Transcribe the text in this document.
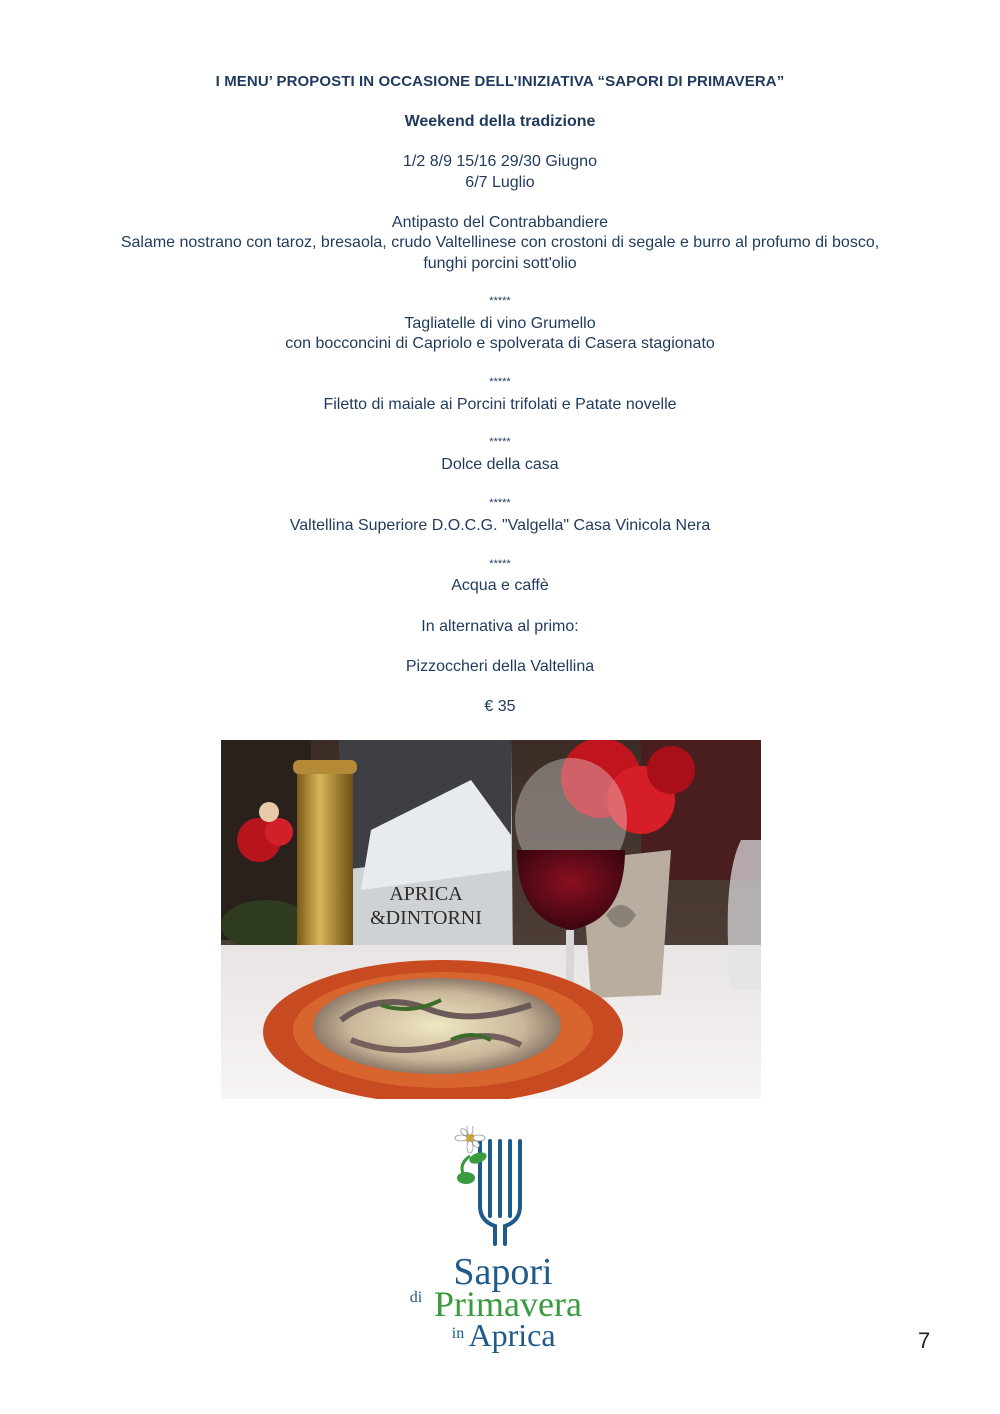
I MENU’ PROPOSTI IN OCCASIONE DELL’INIZIATIVA “SAPORI DI PRIMAVERA”
Weekend della tradizione
1/2 8/9 15/16 29/30 Giugno
6/7 Luglio
Antipasto del Contrabbandiere
Salame nostrano con taroz, bresaola, crudo Valtellinese con crostoni di segale e burro al profumo di bosco,
funghi porcini sott'olio
*****
Tagliatelle di vino Grumello
con bocconcini di Capriolo e spolverata di Casera stagionato
*****
Filetto di maiale ai Porcini trifolati e Patate novelle
*****
Dolce della casa
*****
Valtellina Superiore D.O.C.G. "Valgella" Casa Vinicola Nera
*****
Acqua e caffè
In alternativa al primo:
Pizzoccheri della Valtellina
€ 35
APRICA
&DINTORNI
Sapori
di Primavera
in Aprica	7
